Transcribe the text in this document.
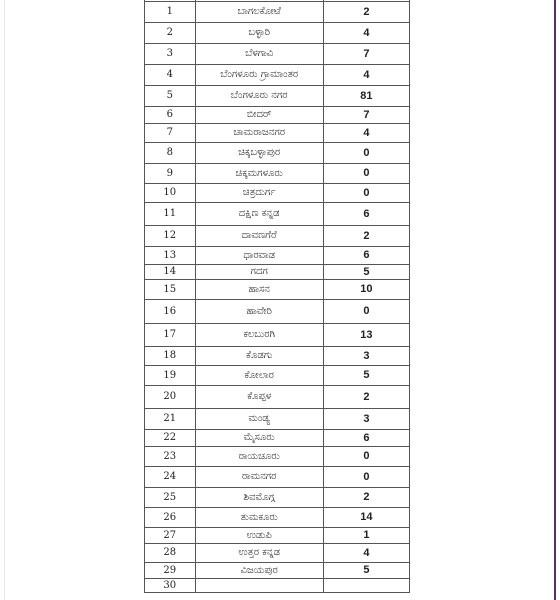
1	ಬಾಗಲಕೋಟೆ	2
2	ಬಳ್ಳಾರಿ	4
3	ಬೆಳಗಾವಿ	7
4	ಬೆಂಗಳೂರು ಗ್ರಾಮಾಂತರ	4
5	ಬೆಂಗಳೂರು ನಗರ	81
6	ಬೀದರ್	7
7	ಚಾಮರಾಜನಗರ	4
8	ಚಿಕ್ಕಬಳ್ಳಾಪುರ	0
9	ಚಿಕ್ಕಮಗಳೂರು	0
10	ಚಿತ್ರದುರ್ಗ	0
11	ದಕ್ಷಿಣ ಕನ್ನಡ	6
12	ದಾವಣಗೆರೆ	2
13	ಧಾರವಾಡ	6
14	ಗದಗ	5
15	ಹಾಸನ	10
16	ಹಾವೇರಿ	0
17	ಕಲಬುರಗಿ	13
18	ಕೊಡಗು	3
19	ಕೋಲಾರ	5
20	ಕೊಪ್ಪಳ	2
21	ಮಂಡ್ಯ	3
22	ಮೈಸೂರು	6
23	ರಾಯಚೂರು	0
24	ರಾಮನಗರ	0
25	ಶಿವಮೊಗ್ಗ	2
26	ತುಮಕೂರು	14
27	ಉಡುಪಿ	1
28	ಉತ್ತರ ಕನ್ನಡ	4
29	ವಿಜಯಪುರ	5
30		
